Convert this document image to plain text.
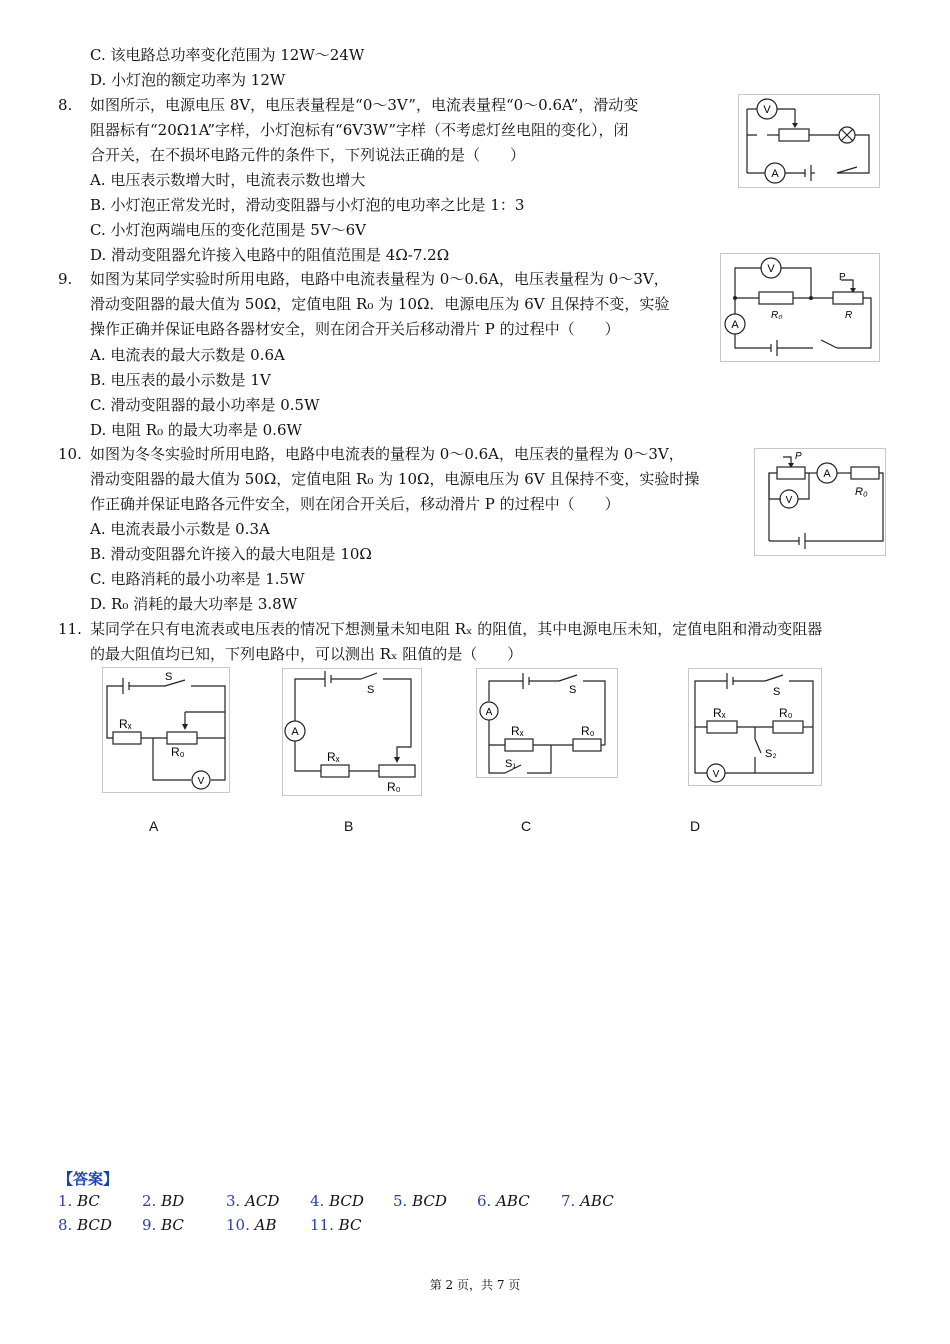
C. 该电路总功率变化范围为 12W～24W
D. 小灯泡的额定功率为 12W
8. 如图所示，电源电压 8V，电压表量程是“0～3V”，电流表量程“0～0.6A”，滑动变
阻器标有“20Ω1A”字样，小灯泡标有“6V3W”字样（不考虑灯丝电阻的变化），闭
合开关，在不损坏电路元件的条件下，下列说法正确的是（　　）
A. 电压表示数增大时，电流表示数也增大
B. 小灯泡正常发光时，滑动变阻器与小灯泡的电功率之比是 1：3
C. 小灯泡两端电压的变化范围是 5V～6V
D. 滑动变阻器允许接入电路中的阻值范围是 4Ω-7.2Ω
V
A
9. 如图为某同学实验时所用电路，电路中电流表量程为 0～0.6A，电压表量程为 0～3V，
滑动变阻器的最大值为 50Ω，定值电阻 R₀ 为 10Ω．电源电压为 6V 且保持不变，实验
操作正确并保证电路各器材安全，则在闭合开关后移动滑片 P 的过程中（　　）
A. 电流表的最大示数是 0.6A
B. 电压表的最小示数是 1V
C. 滑动变阻器的最小功率是 0.5W
D. 电阻 R₀ 的最大功率是 0.6W
V
A
P
R₀	R
10. 如图为冬冬实验时所用电路，电路中电流表的量程为 0～0.6A，电压表的量程为 0～3V，
滑动变阻器的最大值为 50Ω，定值电阻 R₀ 为 10Ω，电源电压为 6V 且保持不变，实验时操
作正确并保证电路各元件安全，则在闭合开关后，移动滑片 P 的过程中（　　）
A. 电流表最小示数是 0.3A
B. 滑动变阻器允许接入的最大电阻是 10Ω
C. 电路消耗的最小功率是 1.5W
D. R₀ 消耗的最大功率是 3.8W
V
A
P
R₀
11. 某同学在只有电流表或电压表的情况下想测量未知电阻 Rₓ 的阻值，其中电源电压未知，定值电阻和滑动变阻器
的最大阻值均已知，下列电路中，可以测出 Rₓ 阻值的是（　　）
S
Rₓ
R₀
V
A
S
Rₓ
R₀
A
S
Rₓ	R₀
S₁
S
Rₓ	R₀
S₂
V
A	B	C	D
【答案】
1. BC	2. BD	3. ACD 4. BCD 5. BCD 6. ABC 7. ABC
8. BCD 9. BC	10. AB 11. BC
第 2 页，共 7 页
